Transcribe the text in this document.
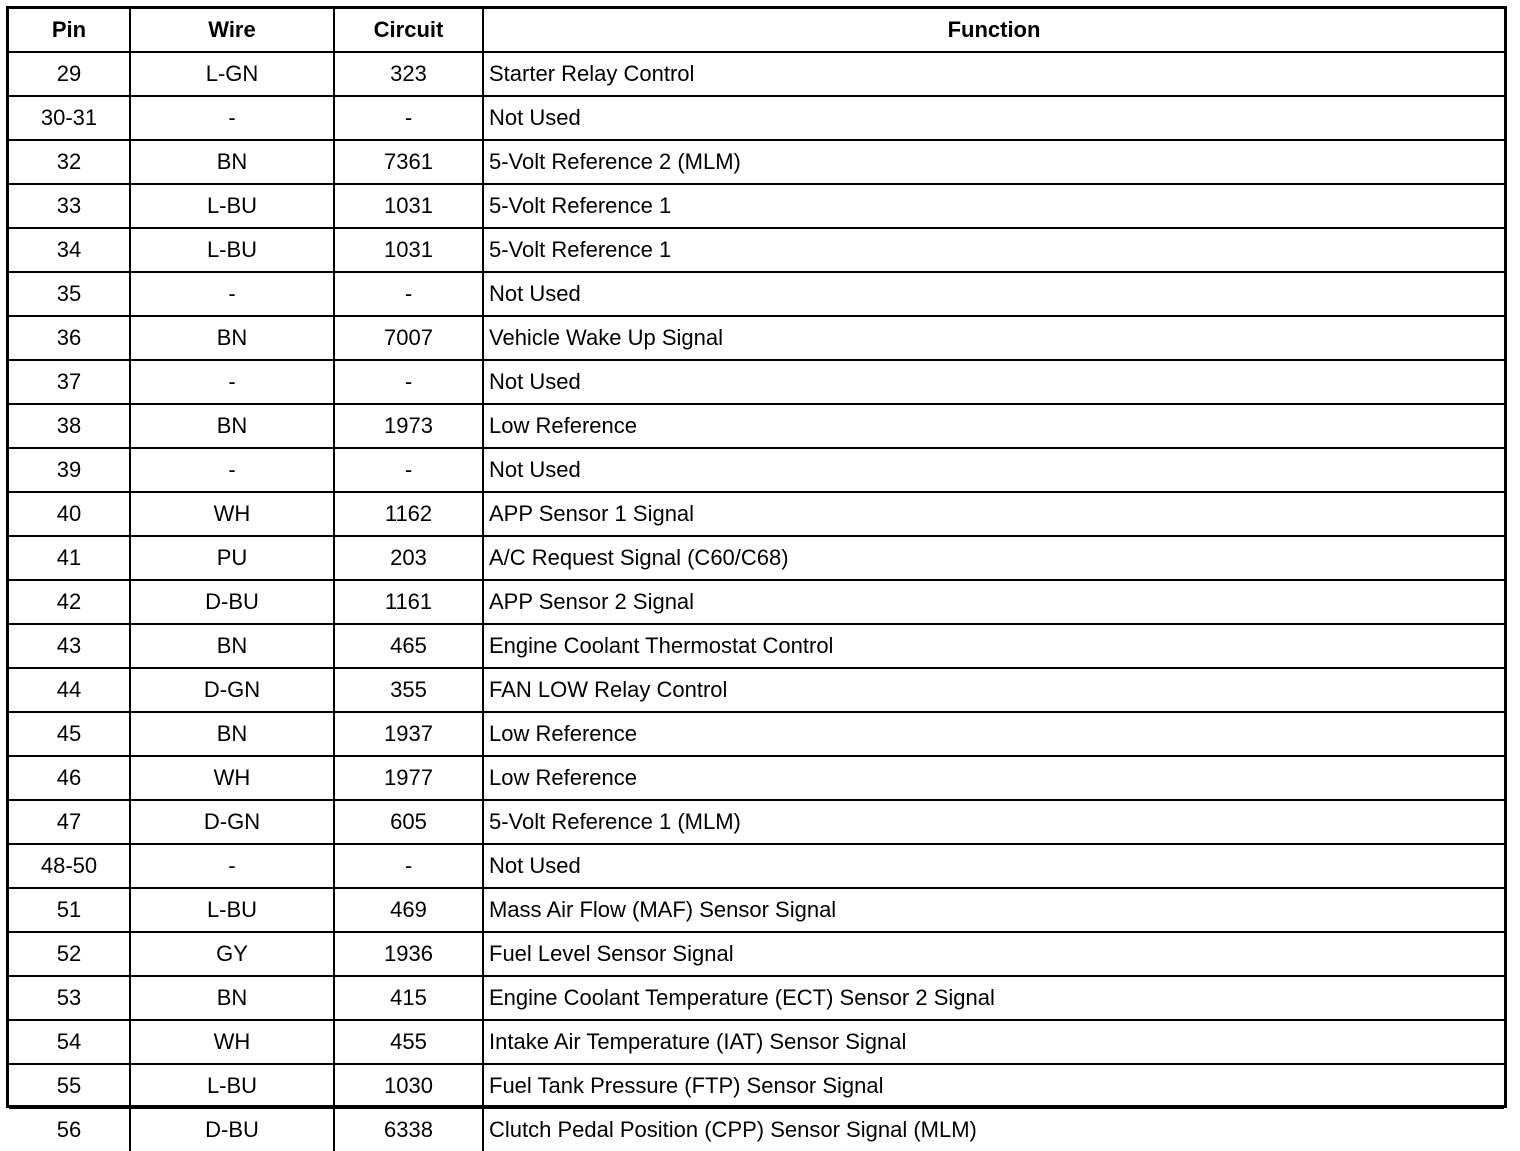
Pin	Wire	Circuit	Function
29	L-GN	323	Starter Relay Control
30-31	-	-	Not Used
32	BN	7361	5-Volt Reference 2 (MLM)
33	L-BU	1031	5-Volt Reference 1
34	L-BU	1031	5-Volt Reference 1
35	-	-	Not Used
36	BN	7007	Vehicle Wake Up Signal
37	-	-	Not Used
38	BN	1973	Low Reference
39	-	-	Not Used
40	WH	1162	APP Sensor 1 Signal
41	PU	203	A/C Request Signal (C60/C68)
42	D-BU	1161	APP Sensor 2 Signal
43	BN	465	Engine Coolant Thermostat Control
44	D-GN	355	FAN LOW Relay Control
45	BN	1937	Low Reference
46	WH	1977	Low Reference
47	D-GN	605	5-Volt Reference 1 (MLM)
48-50	-	-	Not Used
51	L-BU	469	Mass Air Flow (MAF) Sensor Signal
52	GY	1936	Fuel Level Sensor Signal
53	BN	415	Engine Coolant Temperature (ECT) Sensor 2 Signal
54	WH	455	Intake Air Temperature (IAT) Sensor Signal
55	L-BU	1030	Fuel Tank Pressure (FTP) Sensor Signal
56	D-BU	6338	Clutch Pedal Position (CPP) Sensor Signal (MLM)
